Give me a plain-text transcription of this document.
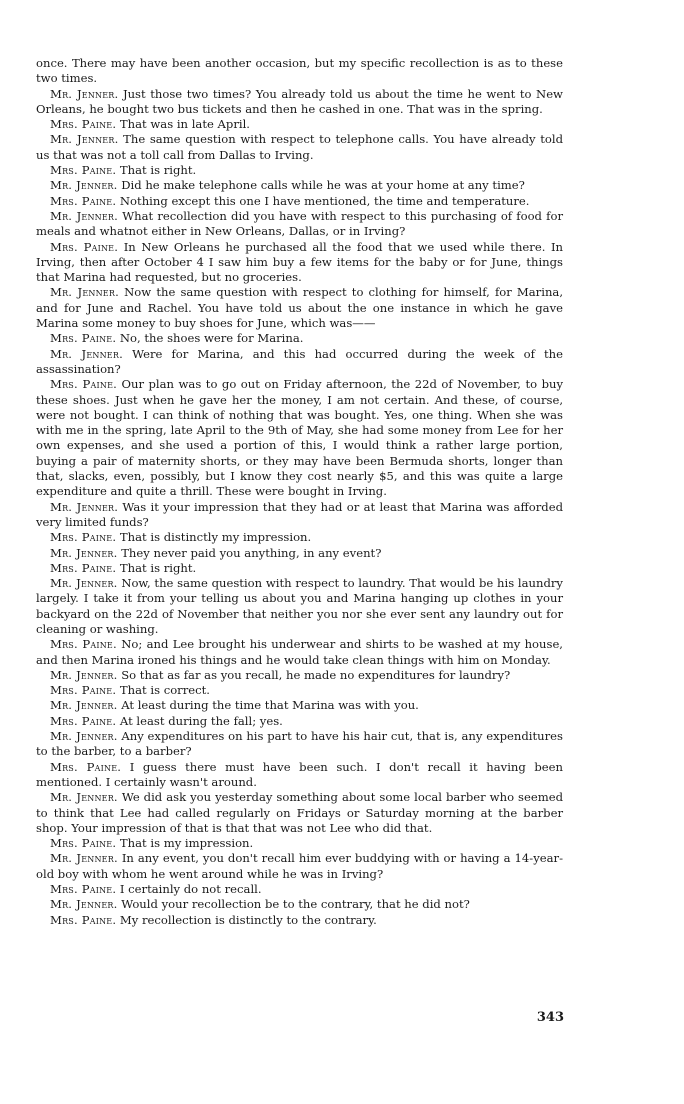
once. There may have been another occasion, but my specific recollection is as to these two times.

Mr. Jenner. Just those two times? You already told us about the time he went to New Orleans, he bought two bus tickets and then he cashed in one. That was in the spring.

Mrs. Paine. That was in late April.

Mr. Jenner. The same question with respect to telephone calls. You have already told us that was not a toll call from Dallas to Irving.

Mrs. Paine. That is right.

Mr. Jenner. Did he make telephone calls while he was at your home at any time?

Mrs. Paine. Nothing except this one I have mentioned, the time and temperature.

Mr. Jenner. What recollection did you have with respect to this purchasing of food for meals and whatnot either in New Orleans, Dallas, or in Irving?

Mrs. Paine. In New Orleans he purchased all the food that we used while there. In Irving, then after October 4 I saw him buy a few items for the baby or for June, things that Marina had requested, but no groceries.

Mr. Jenner. Now the same question with respect to clothing for himself, for Marina, and for June and Rachel. You have told us about the one instance in which he gave Marina some money to buy shoes for June, which was——

Mrs. Paine. No, the shoes were for Marina.

Mr. Jenner. Were for Marina, and this had occurred during the week of the assassination?

Mrs. Paine. Our plan was to go out on Friday afternoon, the 22d of November, to buy these shoes. Just when he gave her the money, I am not certain. And these, of course, were not bought. I can think of nothing that was bought. Yes, one thing. When she was with me in the spring, late April to the 9th of May, she had some money from Lee for her own expenses, and she used a portion of this, I would think a rather large portion, buying a pair of maternity shorts, or they may have been Bermuda shorts, longer than that, slacks, even, possibly, but I know they cost nearly $5, and this was quite a large expenditure and quite a thrill. These were bought in Irving.

Mr. Jenner. Was it your impression that they had or at least that Marina was afforded very limited funds?

Mrs. Paine. That is distinctly my impression.

Mr. Jenner. They never paid you anything, in any event?

Mrs. Paine. That is right.

Mr. Jenner. Now, the same question with respect to laundry. That would be his laundry largely. I take it from your telling us about you and Marina hanging up clothes in your backyard on the 22d of November that neither you nor she ever sent any laundry out for cleaning or washing.

Mrs. Paine. No; and Lee brought his underwear and shirts to be washed at my house, and then Marina ironed his things and he would take clean things with him on Monday.

Mr. Jenner. So that as far as you recall, he made no expenditures for laundry?

Mrs. Paine. That is correct.

Mr. Jenner. At least during the time that Marina was with you.

Mrs. Paine. At least during the fall; yes.

Mr. Jenner. Any expenditures on his part to have his hair cut, that is, any expenditures to the barber, to a barber?

Mrs. Paine. I guess there must have been such. I don't recall it having been mentioned. I certainly wasn't around.

Mr. Jenner. We did ask you yesterday something about some local barber who seemed to think that Lee had called regularly on Fridays or Saturday morning at the barber shop. Your impression of that is that that was not Lee who did that.

Mrs. Paine. That is my impression.

Mr. Jenner. In any event, you don't recall him ever buddying with or having a 14-year-old boy with whom he went around while he was in Irving?

Mrs. Paine. I certainly do not recall.

Mr. Jenner. Would your recollection be to the contrary, that he did not?

Mrs. Paine. My recollection is distinctly to the contrary.

343
